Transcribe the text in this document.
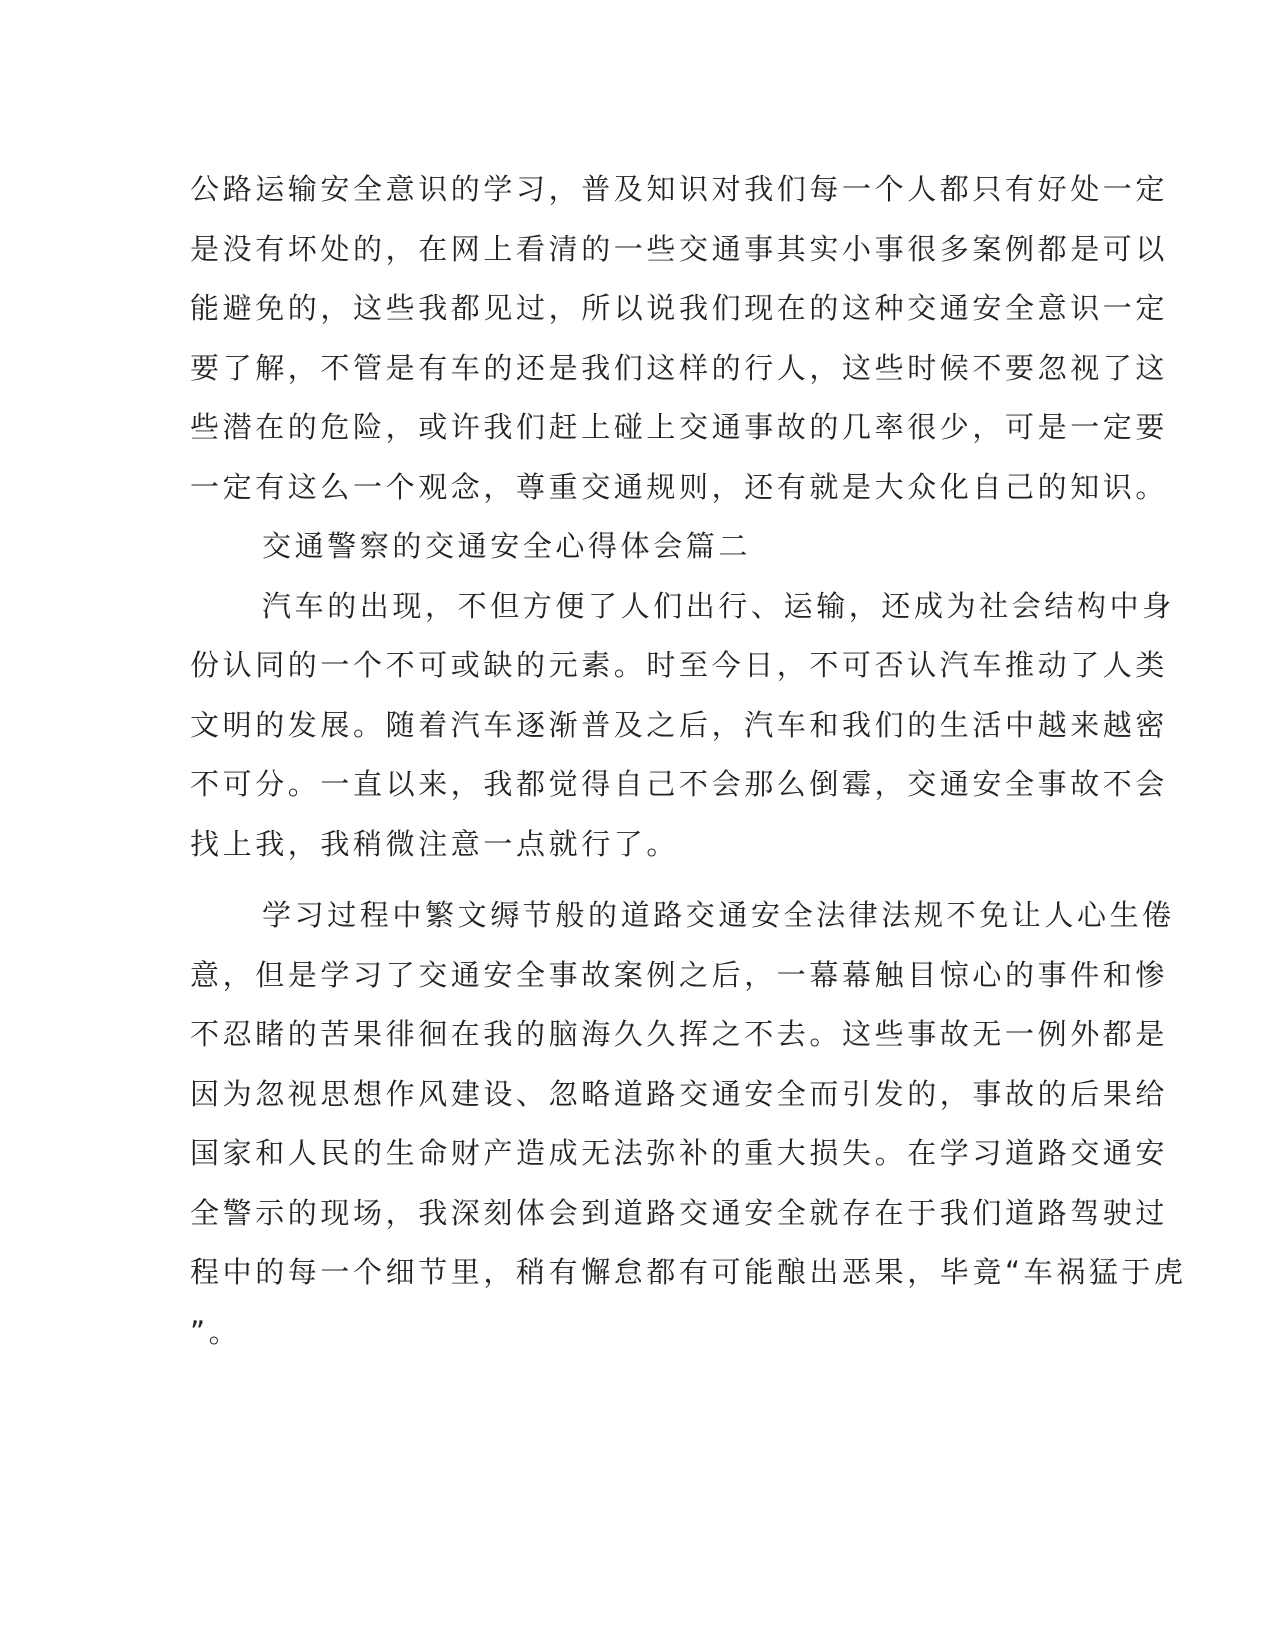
公路运输安全意识的学习，普及知识对我们每一个人都只有好处一定
是没有坏处的，在网上看清的一些交通事其实小事很多案例都是可以
能避免的，这些我都见过，所以说我们现在的这种交通安全意识一定
要了解，不管是有车的还是我们这样的行人，这些时候不要忽视了这
些潜在的危险，或许我们赶上碰上交通事故的几率很少，可是一定要
一定有这么一个观念，尊重交通规则，还有就是大众化自己的知识。
交通警察的交通安全心得体会篇二
汽车的出现，不但方便了人们出行、运输，还成为社会结构中身
份认同的一个不可或缺的元素。时至今日，不可否认汽车推动了人类
文明的发展。随着汽车逐渐普及之后，汽车和我们的生活中越来越密
不可分。一直以来，我都觉得自己不会那么倒霉，交通安全事故不会
找上我，我稍微注意一点就行了。
学习过程中繁文缛节般的道路交通安全法律法规不免让人心生倦
意，但是学习了交通安全事故案例之后，一幕幕触目惊心的事件和惨
不忍睹的苦果徘徊在我的脑海久久挥之不去。这些事故无一例外都是
因为忽视思想作风建设、忽略道路交通安全而引发的，事故的后果给
国家和人民的生命财产造成无法弥补的重大损失。在学习道路交通安
全警示的现场，我深刻体会到道路交通安全就存在于我们道路驾驶过
程中的每一个细节里，稍有懈怠都有可能酿出恶果，毕竟“车祸猛于虎
”。
